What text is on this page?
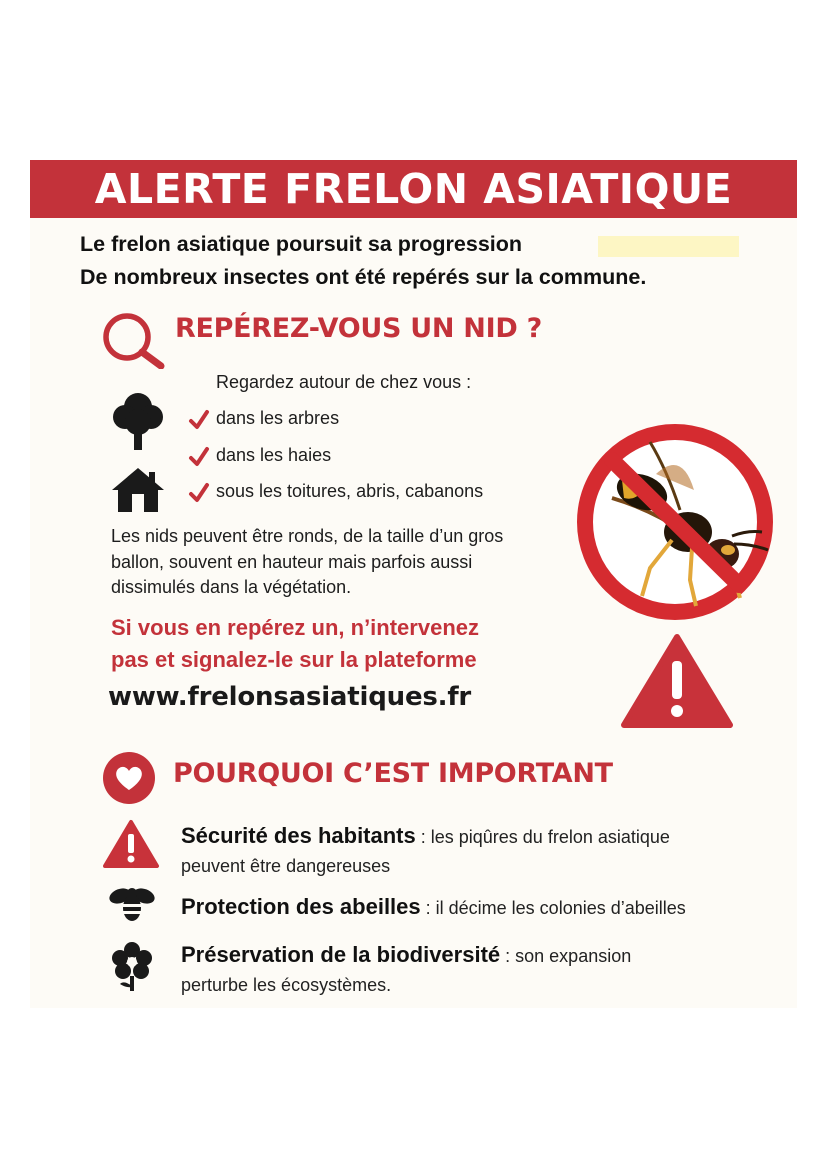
ALERTE FRELON ASIATIQUE
Le frelon asiatique poursuit sa progression
De nombreux insectes ont été repérés sur la commune.
REPÉREZ-VOUS UN NID ?
Regardez autour de chez vous :
dans les arbres
dans les haies
sous les toitures, abris, cabanons
Les nids peuvent être ronds, de la taille d’un gros
ballon, souvent en hauteur mais parfois aussi
dissimulés dans la végétation.
Si vous en repérez un, n’intervenez
pas et signalez-le sur la plateforme
www.frelonsasiatiques.fr
POURQUOI C’EST IMPORTANT
Sécurité des habitants : les piqûres du frelon asiatique
peuvent être dangereuses
Protection des abeilles : il décime les colonies d’abeilles
Préservation de la biodiversité : son expansion
perturbe les écosystèmes.
